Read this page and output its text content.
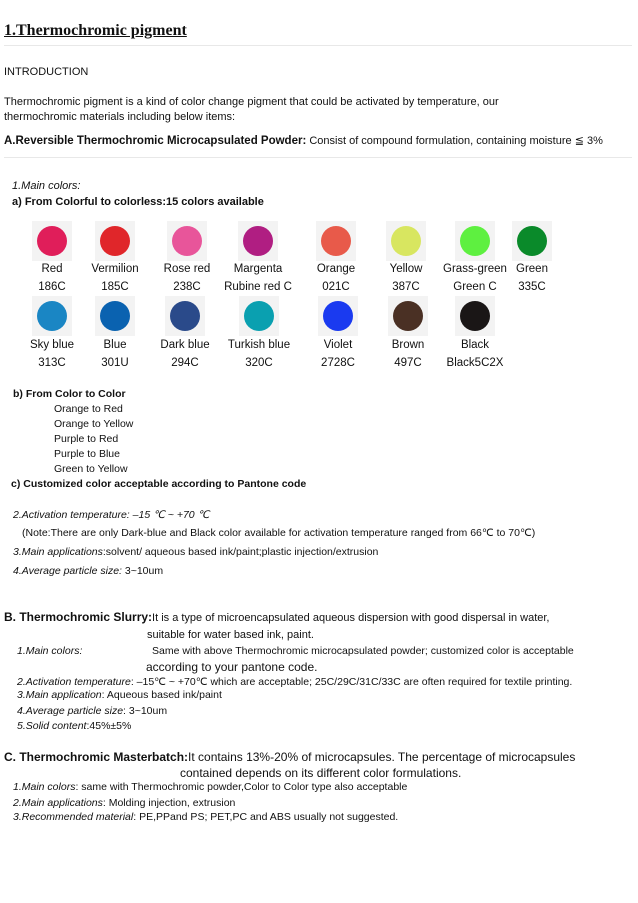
1.Thermochromic pigment
INTRODUCTION
Thermochromic pigment is a kind of color change pigment that could be activated by temperature, our
thermochromic materials including below items:
A.Reversible Thermochromic Microcapsulated Powder: Consist of compound formulation, containing moisture ≦ 3%
1.Main colors:
a) From Colorful to colorless:15 colors available
Red
186C
Vermilion
185C
Rose red
238C
Margenta
Rubine red C
Orange
021C
Yellow
387C
Grass-green
Green C
Green
335C
Sky blue
313C
Blue
301U
Dark blue
294C
Turkish blue
320C
Violet
2728C
Brown
497C
Black
Black5C2X
b) From Color to Color
Orange to Red
Orange to Yellow
Purple to Red
Purple to Blue
Green to Yellow
c) Customized color acceptable according to Pantone code
2.Activation temperature: –15 ℃ ~ +70 ℃
(Note:There are only Dark-blue and Black color available for activation temperature ranged from 66℃ to 70℃)
3.Main applications:solvent/ aqueous based ink/paint;plastic injection/extrusion
4.Average particle size: 3~10um
B. Thermochromic Slurry:It is a type of microencapsulated aqueous dispersion with good dispersal in water,
suitable for water based ink, paint.
1.Main colors:	Same with above Thermochromic microcapsulated powder; customized color is acceptable
according to your pantone code.
2.Activation temperature: –15℃ ~ +70℃ which are acceptable; 25C/29C/31C/33C are often required for textile printing.
3.Main application: Aqueous based ink/paint
4.Average particle size: 3~10um
5.Solid content:45%±5%
C. Thermochromic Masterbatch:It contains 13%-20% of microcapsules. The percentage of microcapsules
contained depends on its different color formulations.
1.Main colors: same with Thermochromic powder,Color to Color type also acceptable
2.Main applications: Molding injection, extrusion
3.Recommended material: PE,PPand PS; PET,PC and ABS usually not suggested.
